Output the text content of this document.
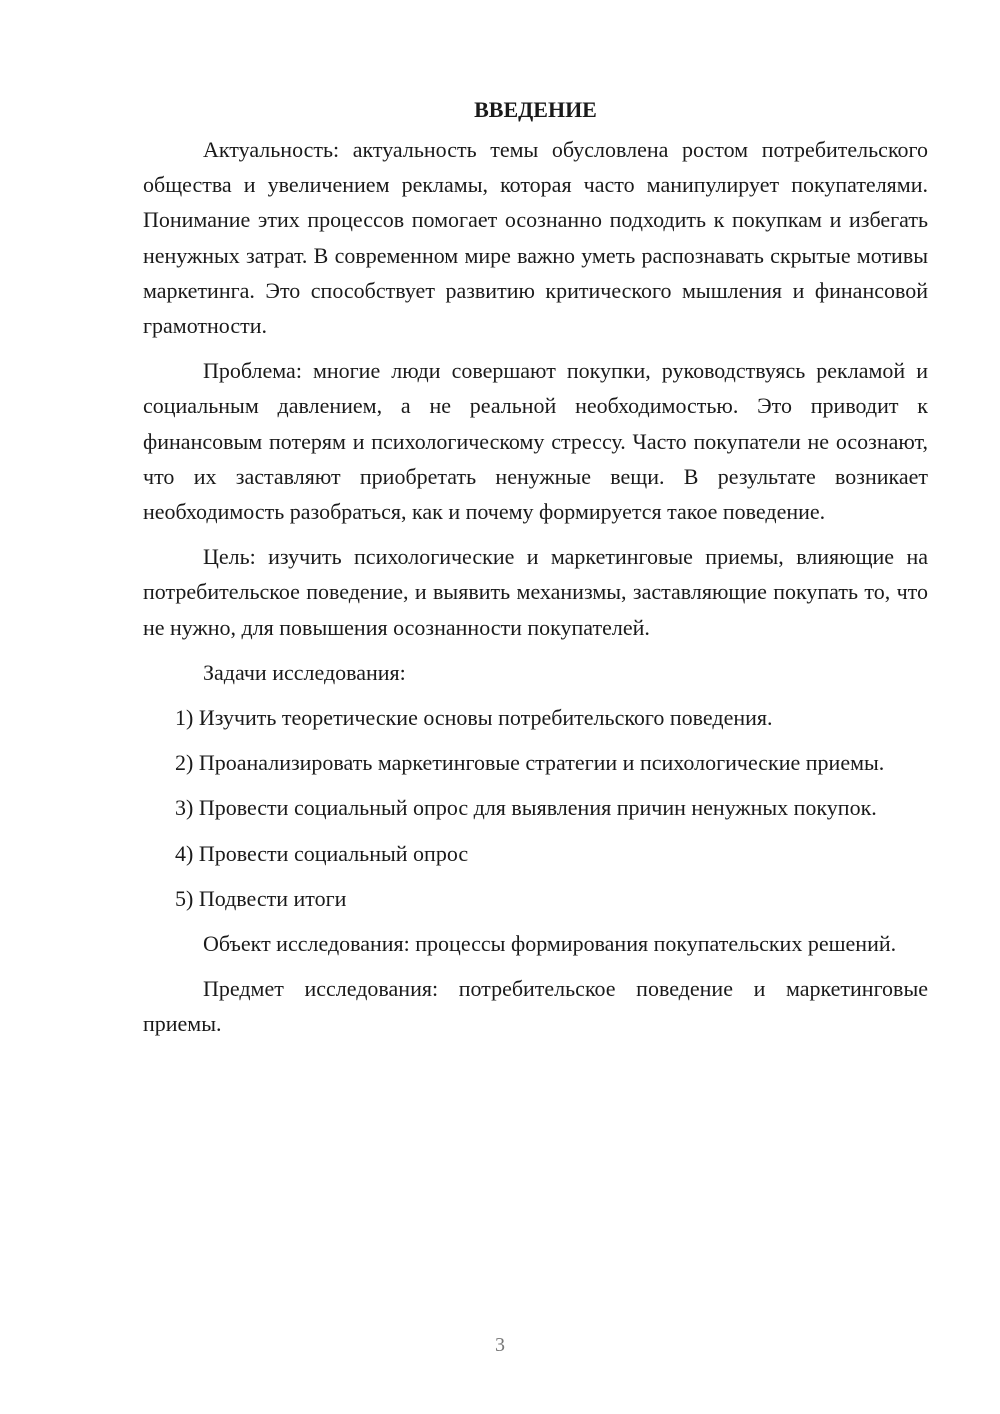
ВВЕДЕНИЕ

Актуальность: актуальность темы обусловлена ростом потребительского общества и увеличением рекламы, которая часто манипулирует покупателями. Понимание этих процессов помогает осознанно подходить к покупкам и избегать ненужных затрат. В современном мире важно уметь распознавать скрытые мотивы маркетинга. Это способствует развитию критического мышления и финансовой грамотности.

Проблема: многие люди совершают покупки, руководствуясь рекламой и социальным давлением, а не реальной необходимостью. Это приводит к финансовым потерям и психологическому стрессу. Часто покупатели не осознают, что их заставляют приобретать ненужные вещи. В результате возникает необходимость разобраться, как и почему формируется такое поведение.

Цель: изучить психологические и маркетинговые приемы, влияющие на потребительское поведение, и выявить механизмы, заставляющие покупать то, что не нужно, для повышения осознанности покупателей.

Задачи исследования:

1) Изучить теоретические основы потребительского поведения.

2) Проанализировать маркетинговые стратегии и психологические приемы.

3) Провести социальный опрос для выявления причин ненужных покупок.

4) Провести социальный опрос

5) Подвести итоги

Объект исследования: процессы формирования покупательских решений.

Предмет исследования: потребительское поведение и маркетинговые приемы.

3
